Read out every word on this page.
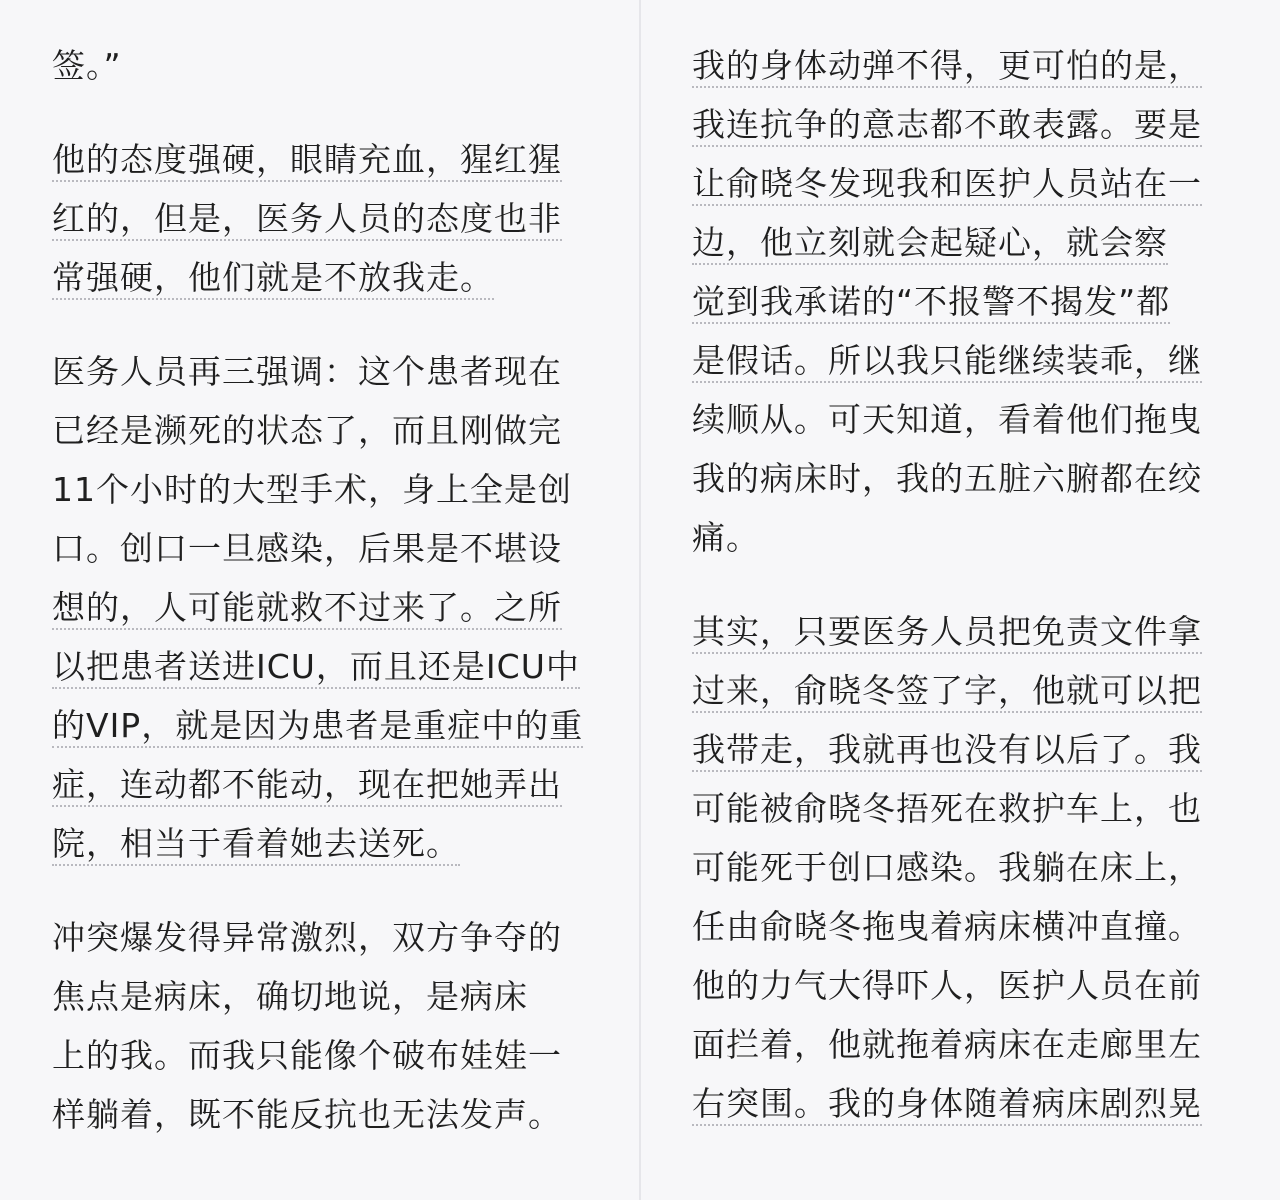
签。”

他的态度强硬，眼睛充血，猩红猩
红的，但是，医务人员的态度也非
常强硬，他们就是不放我走。

医务人员再三强调：这个患者现在
已经是濒死的状态了，而且刚做完
11个小时的大型手术，身上全是创
口。创口一旦感染，后果是不堪设
想的，人可能就救不过来了。之所
以把患者送进ICU，而且还是ICU中
的VIP，就是因为患者是重症中的重
症，连动都不能动，现在把她弄出
院，相当于看着她去送死。

冲突爆发得异常激烈，双方争夺的
焦点是病床，确切地说，是病床
上的我。而我只能像个破布娃娃一
样躺着，既不能反抗也无法发声。

我的身体动弹不得，更可怕的是，
我连抗争的意志都不敢表露。要是
让俞晓冬发现我和医护人员站在一
边，他立刻就会起疑心，就会察
觉到我承诺的“不报警不揭发”都
是假话。所以我只能继续装乖，继
续顺从。可天知道，看着他们拖曳
我的病床时，我的五脏六腑都在绞
痛。

其实，只要医务人员把免责文件拿
过来，俞晓冬签了字，他就可以把
我带走，我就再也没有以后了。我
可能被俞晓冬捂死在救护车上，也
可能死于创口感染。我躺在床上，
任由俞晓冬拖曳着病床横冲直撞。
他的力气大得吓人，医护人员在前
面拦着，他就拖着病床在走廊里左
右突围。我的身体随着病床剧烈晃
